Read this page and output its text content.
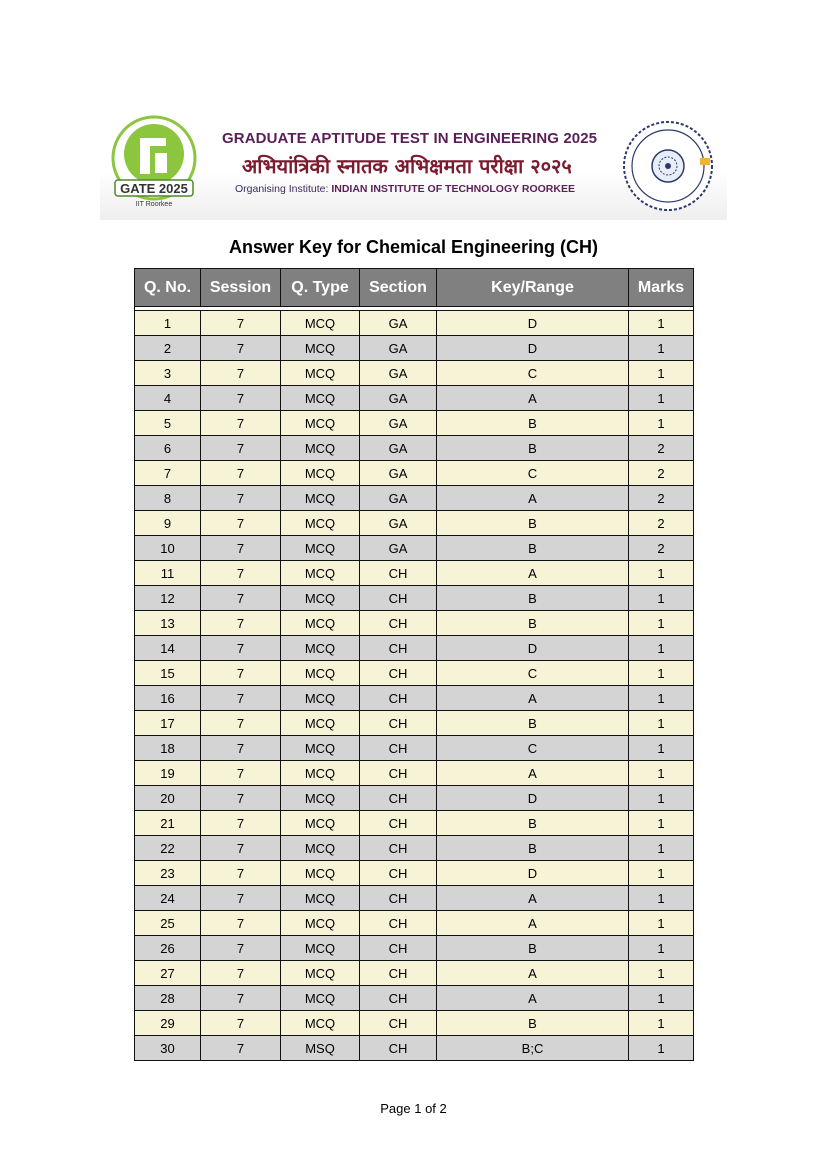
GATE 2025
IIT Roorkee
GRADUATE APTITUDE TEST IN ENGINEERING 2025
अभियांत्रिकी स्नातक अभिक्षमता परीक्षा २०२५
Organising Institute: INDIAN INSTITUTE OF TECHNOLOGY ROORKEE
Answer Key for Chemical Engineering (CH)
Q. No.	Session	Q. Type	Section	Key/Range	Marks

1	7	MCQ	GA	D	1
2	7	MCQ	GA	D	1
3	7	MCQ	GA	C	1
4	7	MCQ	GA	A	1
5	7	MCQ	GA	B	1
6	7	MCQ	GA	B	2
7	7	MCQ	GA	C	2
8	7	MCQ	GA	A	2
9	7	MCQ	GA	B	2
10	7	MCQ	GA	B	2
11	7	MCQ	CH	A	1
12	7	MCQ	CH	B	1
13	7	MCQ	CH	B	1
14	7	MCQ	CH	D	1
15	7	MCQ	CH	C	1
16	7	MCQ	CH	A	1
17	7	MCQ	CH	B	1
18	7	MCQ	CH	C	1
19	7	MCQ	CH	A	1
20	7	MCQ	CH	D	1
21	7	MCQ	CH	B	1
22	7	MCQ	CH	B	1
23	7	MCQ	CH	D	1
24	7	MCQ	CH	A	1
25	7	MCQ	CH	A	1
26	7	MCQ	CH	B	1
27	7	MCQ	CH	A	1
28	7	MCQ	CH	A	1
29	7	MCQ	CH	B	1
30	7	MSQ	CH	B;C	1
Page 1 of 2
